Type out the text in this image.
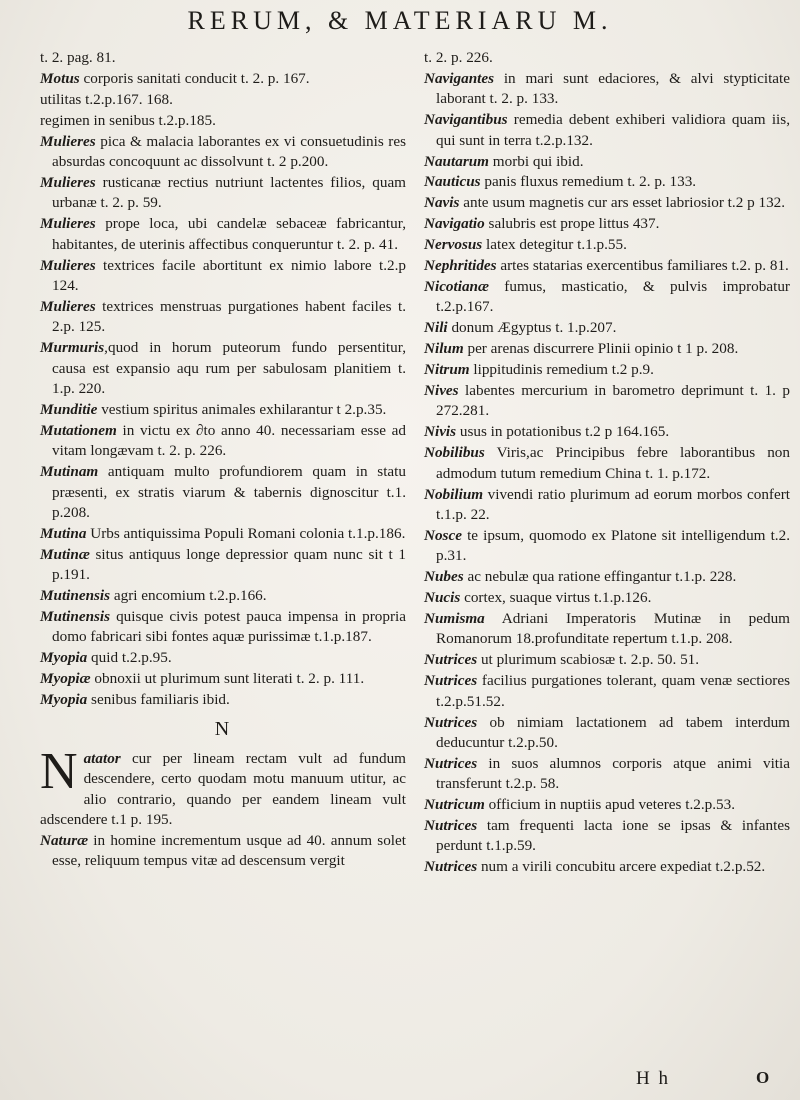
RERUM, & MATERIARU M.

t. 2. pag. 81.

Motus corporis sanitati conducit t. 2. p. 167.

utilitas t.2.p.167. 168.

regimen in senibus t.2.p.185.

Mulieres pica & malacia laborantes ex vi consuetudinis res absurdas concoquunt ac dissolvunt t. 2 p.200.

Mulieres rusticanæ rectius nutriunt lactentes filios, quam urbanæ t. 2. p. 59.

Mulieres prope loca, ubi candelæ sebaceæ fabricantur, habitantes, de uterinis affectibus conqueruntur t. 2. p. 41.

Mulieres textrices facile abortitunt ex nimio labore t.2.p 124.

Mulieres textrices menstruas purgationes habent faciles t. 2.p. 125.

Murmuris,quod in horum puteorum fundo persentitur, causa est expansio aqu rum per sabulosam planitiem t. 1.p. 220.

Munditie vestium spiritus animales exhilarantur t 2.p.35.

Mutationem in victu ex ∂to anno 40. necessariam esse ad vitam longævam t. 2. p. 226.

Mutinam antiquam multo profundiorem quam in statu præsenti, ex stratis viarum & tabernis dignoscitur t.1. p.208.

Mutina Urbs antiquissima Populi Romani colonia t.1.p.186.

Mutinæ situs antiquus longe depressior quam nunc sit t 1 p.191.

Mutinensis agri encomium t.2.p.166.

Mutinensis quisque civis potest pauca impensa in propria domo fabricari sibi fontes aquæ purissimæ t.1.p.187.

Myopia quid t.2.p.95.

Myopiæ obnoxii ut plurimum sunt literati t. 2. p. 111.

Myopia senibus familiaris ibid.

N

Natator cur per lineam rectam vult ad fundum descendere, certo quodam motu manuum utitur, ac alio contrario, quando per eandem lineam vult adscendere t.1 p. 195.

Naturæ in homine incrementum usque ad 40. annum solet esse, reliquum tempus vitæ ad descensum vergit

t. 2. p. 226.

Navigantes in mari sunt edaciores, & alvi stypticitate laborant t. 2. p. 133.

Navigantibus remedia debent exhiberi validiora quam iis, qui sunt in terra t.2.p.132.

Nautarum morbi qui ibid.

Nauticus panis fluxus remedium t. 2. p. 133.

Navis ante usum magnetis cur ars esset labriosior t.2 p 132.

Navigatio salubris est prope littus 437.

Nervosus latex detegitur t.1.p.55.

Nephritides artes statarias exercentibus familiares t.2. p. 81.

Nicotianæ fumus, masticatio, & pulvis improbatur t.2.p.167.

Nili donum Ægyptus t. 1.p.207.

Nilum per arenas discurrere Plinii opinio t 1 p. 208.

Nitrum lippitudinis remedium t.2 p.9.

Nives labentes mercurium in barometro deprimunt t. 1. p 272.281.

Nivis usus in potationibus t.2 p 164.165.

Nobilibus Viris,ac Principibus febre laborantibus non admodum tutum remedium China t. 1. p.172.

Nobilium vivendi ratio plurimum ad eorum morbos confert t.1.p. 22.

Nosce te ipsum, quomodo ex Platone sit intelligendum t.2. p.31.

Nubes ac nebulæ qua ratione effingantur t.1.p. 228.

Nucis cortex, suaque virtus t.1.p.126.

Numisma Adriani Imperatoris Mutinæ in pedum Romanorum 18.profunditate repertum t.1.p. 208.

Nutrices ut plurimum scabiosæ t. 2.p. 50. 51.

Nutrices facilius purgationes tolerant, quam venæ sectiores t.2.p.51.52.

Nutrices ob nimiam lactationem ad tabem interdum deducuntur t.2.p.50.

Nutrices in suos alumnos corporis atque animi vitia transferunt t.2.p. 58.

Nutricum officium in nuptiis apud veteres t.2.p.53.

Nutrices tam frequenti lacta ione se ipsas & infantes perdunt t.1.p.59.

Nutrices num a virili concubitu arcere expediat t.2.p.52.

H h	O
